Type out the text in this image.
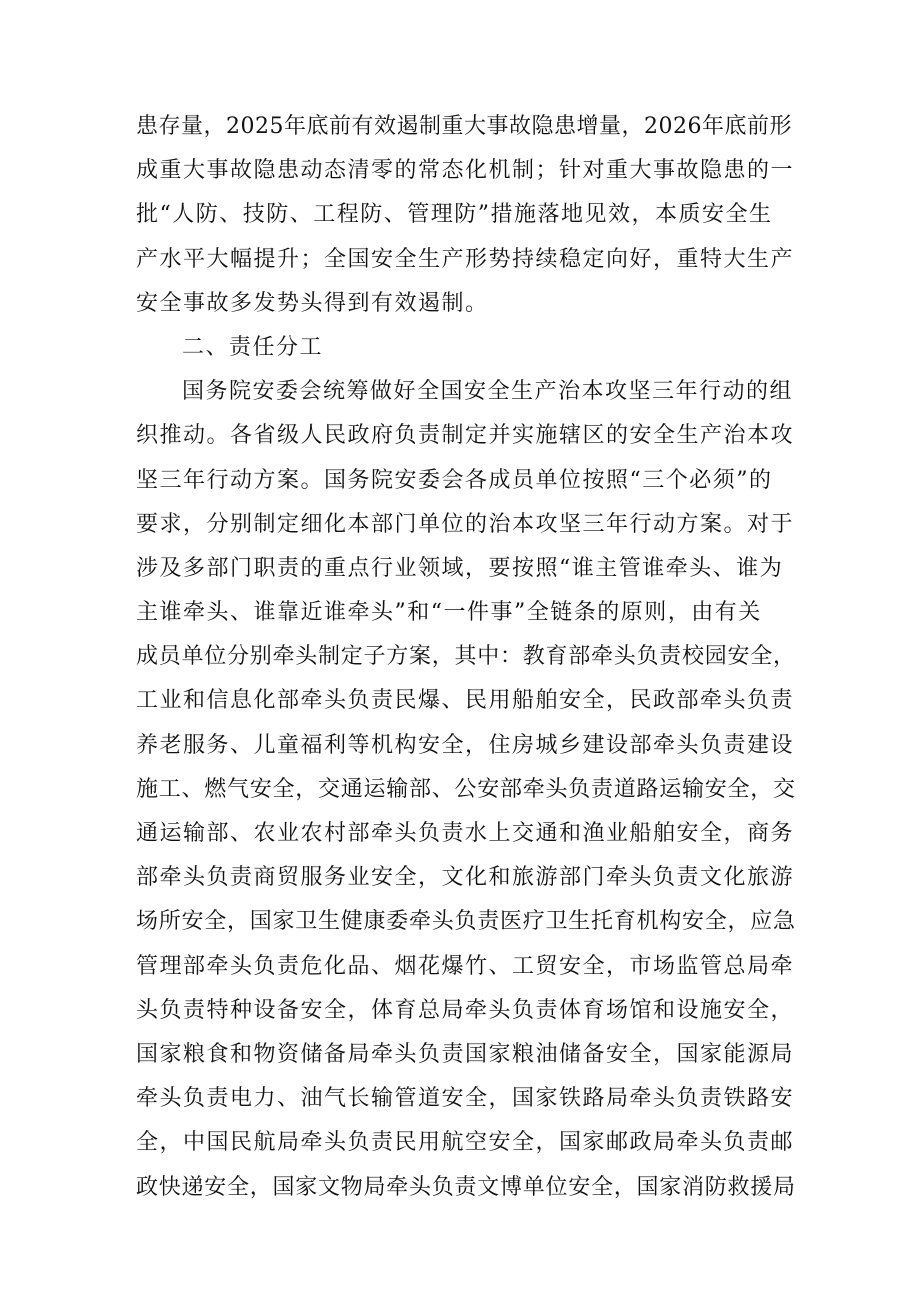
患存量，2025年底前有效遏制重大事故隐患增量，2026年底前形
成重大事故隐患动态清零的常态化机制；针对重大事故隐患的一
批“人防、技防、工程防、管理防”措施落地见效，本质安全生
产水平大幅提升；全国安全生产形势持续稳定向好，重特大生产
安全事故多发势头得到有效遏制。
二、责任分工
国务院安委会统筹做好全国安全生产治本攻坚三年行动的组
织推动。各省级人民政府负责制定并实施辖区的安全生产治本攻
坚三年行动方案。国务院安委会各成员单位按照“三个必须”的
要求，分别制定细化本部门单位的治本攻坚三年行动方案。对于
涉及多部门职责的重点行业领域，要按照“谁主管谁牵头、谁为
主谁牵头、谁靠近谁牵头”和“一件事”全链条的原则，由有关
成员单位分别牵头制定子方案，其中：教育部牵头负责校园安全，
工业和信息化部牵头负责民爆、民用船舶安全，民政部牵头负责
养老服务、儿童福利等机构安全，住房城乡建设部牵头负责建设
施工、燃气安全，交通运输部、公安部牵头负责道路运输安全，交
通运输部、农业农村部牵头负责水上交通和渔业船舶安全，商务
部牵头负责商贸服务业安全，文化和旅游部门牵头负责文化旅游
场所安全，国家卫生健康委牵头负责医疗卫生托育机构安全，应急
管理部牵头负责危化品、烟花爆竹、工贸安全，市场监管总局牵
头负责特种设备安全，体育总局牵头负责体育场馆和设施安全，
国家粮食和物资储备局牵头负责国家粮油储备安全，国家能源局
牵头负责电力、油气长输管道安全，国家铁路局牵头负责铁路安
全，中国民航局牵头负责民用航空安全，国家邮政局牵头负责邮
政快递安全，国家文物局牵头负责文博单位安全，国家消防救援局
